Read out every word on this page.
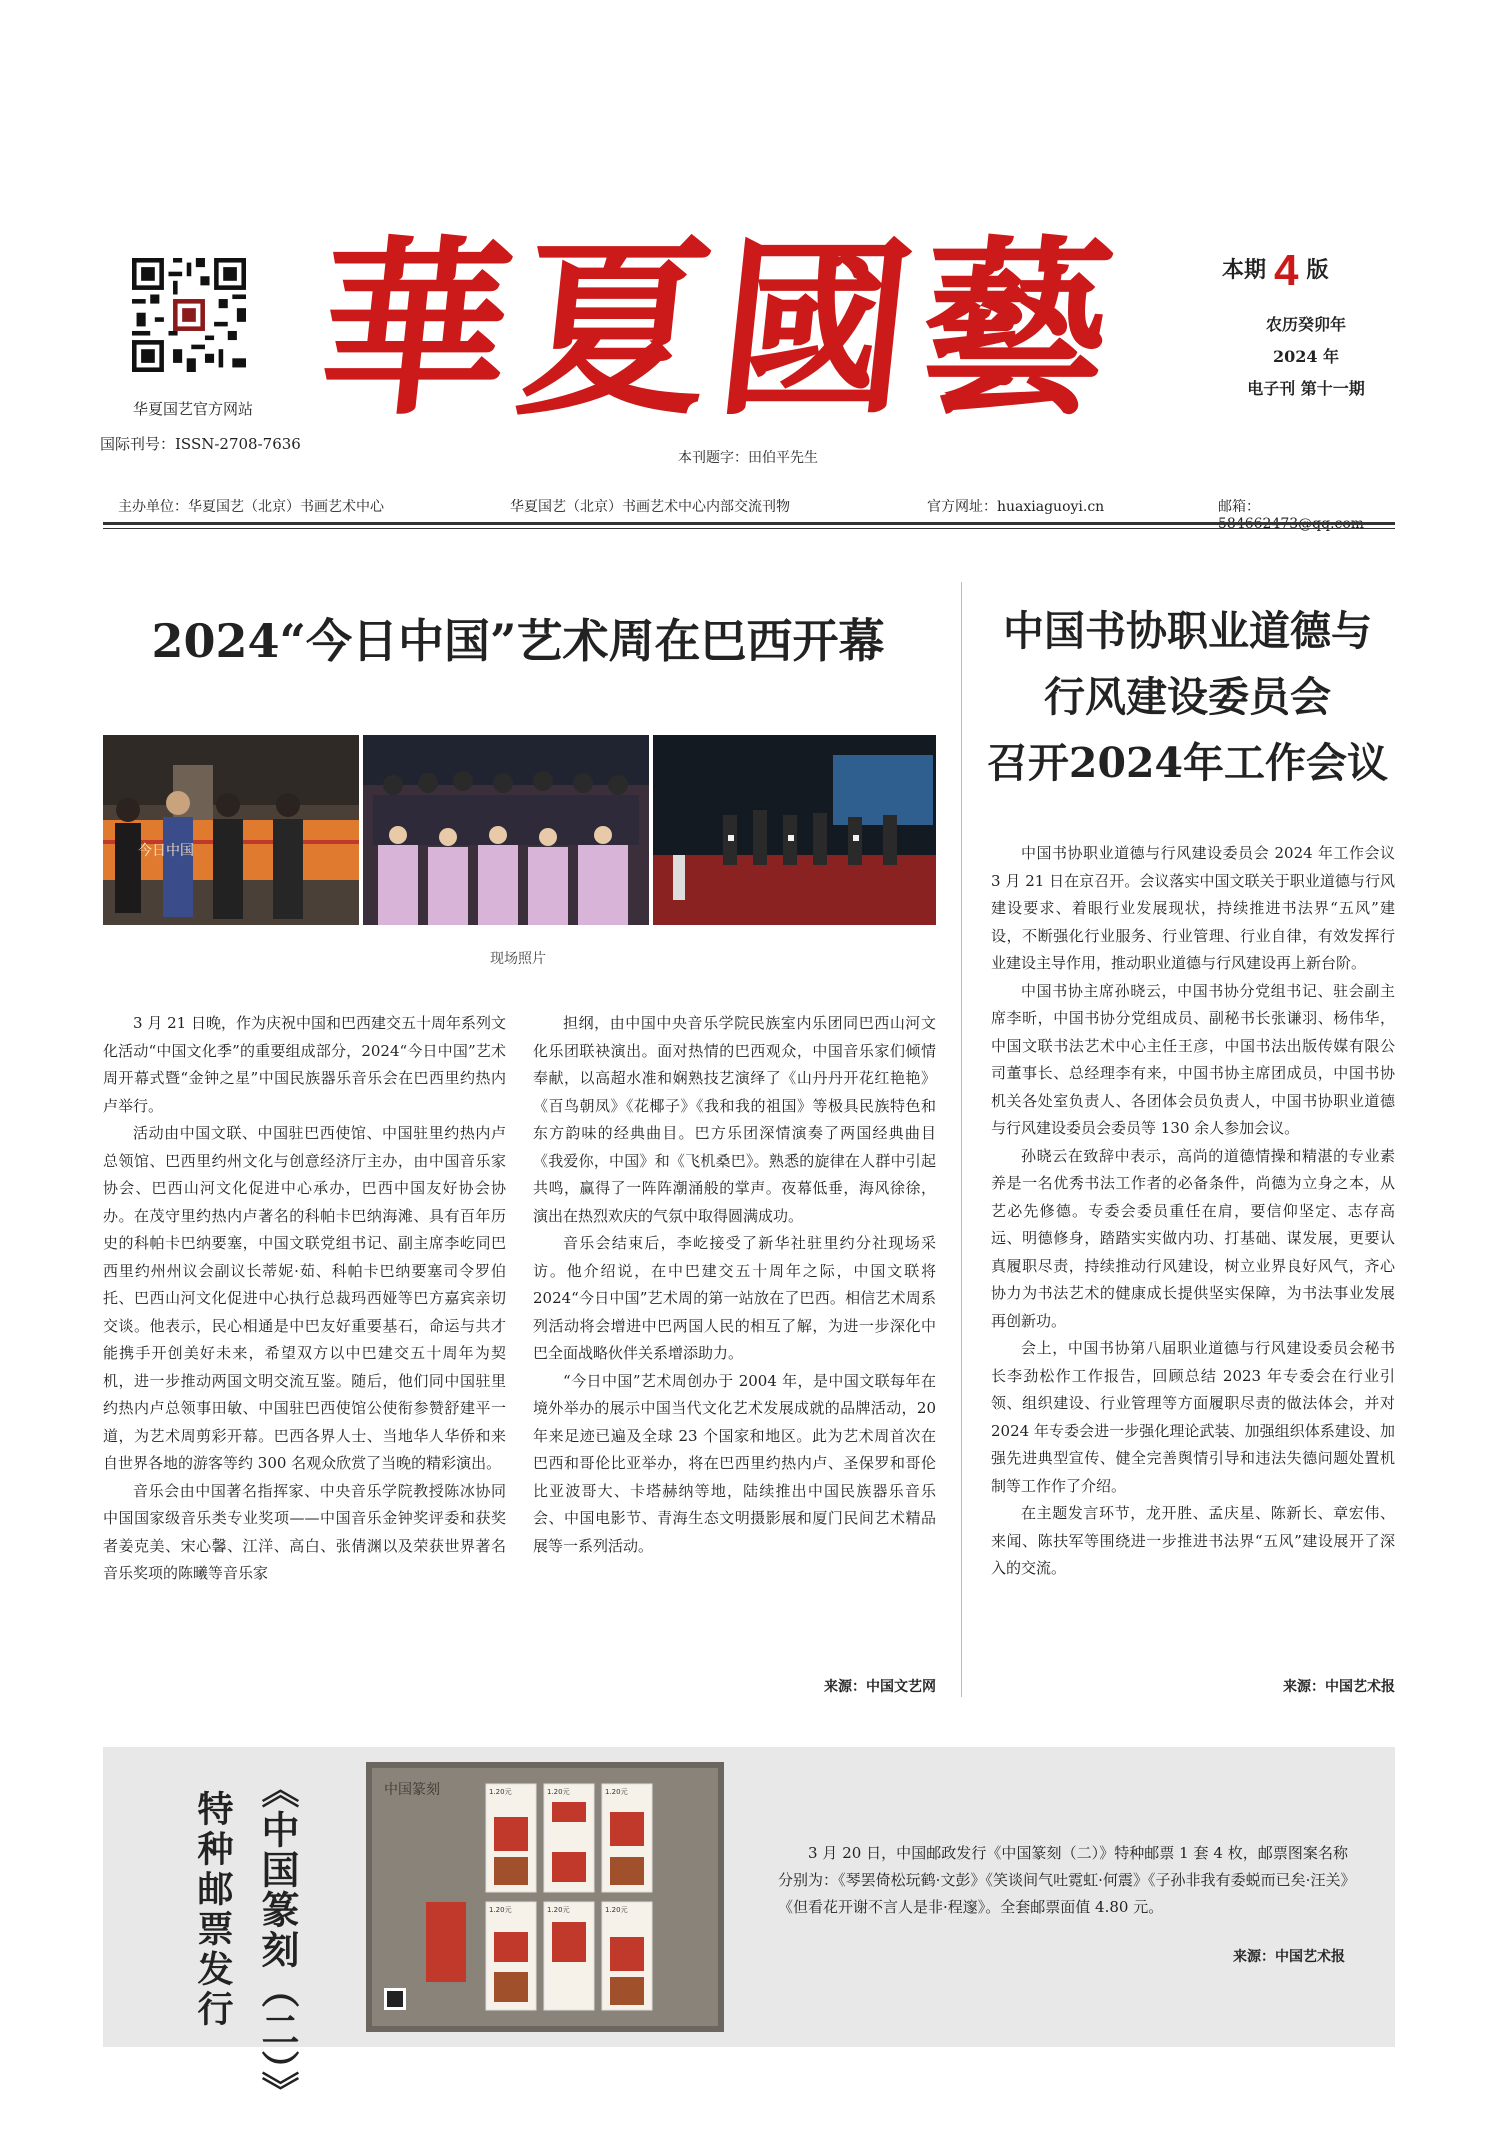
华夏国艺官方网站
国际刊号：ISSN-2708-7636
華夏國藝
本刊题字：田伯平先生
本期 4 版
农历癸卯年
2024 年
电子刊 第十一期
主办单位：华夏国艺（北京）书画艺术中心	华夏国艺（北京）书画艺术中心内部交流刊物	官方网址：huaxiaguoyi.cn	邮箱：
2024“今日中国”艺术周在巴西开幕
今日中国
现场照片

3 月 21 日晚，作为庆祝中国和巴西建交五十周年系列文化活动“中国文化季”的重要组成部分，2024“今日中国”艺术周开幕式暨“金钟之星”中国民族器乐音乐会在巴西里约热内卢举行。

活动由中国文联、中国驻巴西使馆、中国驻里约热内卢总领馆、巴西里约州文化与创意经济厅主办，由中国音乐家协会、巴西山河文化促进中心承办，巴西中国友好协会协办。在茂守里约热内卢著名的科帕卡巴纳海滩、具有百年历史的科帕卡巴纳要塞，中国文联党组书记、副主席李屹同巴西里约州州议会副议长蒂妮·茹、科帕卡巴纳要塞司令罗伯托、巴西山河文化促进中心执行总裁玛西娅等巴方嘉宾亲切交谈。他表示，民心相通是中巴友好重要基石，命运与共才能携手开创美好未来，希望双方以中巴建交五十周年为契机，进一步推动两国文明交流互鉴。随后，他们同中国驻里约热内卢总领事田敏、中国驻巴西使馆公使衔参赞舒建平一道，为艺术周剪彩开幕。巴西各界人士、当地华人华侨和来自世界各地的游客等约 300 名观众欣赏了当晚的精彩演出。

音乐会由中国著名指挥家、中央音乐学院教授陈冰协同中国国家级音乐类专业奖项——中国音乐金钟奖评委和获奖者姜克美、宋心馨、江洋、高白、张倩渊以及荣获世界著名音乐奖项的陈曦等音乐家

担纲，由中国中央音乐学院民族室内乐团同巴西山河文化乐团联袂演出。面对热情的巴西观众，中国音乐家们倾情奉献，以高超水准和娴熟技艺演绎了《山丹丹开花红艳艳》《百鸟朝凤》《花椰子》《我和我的祖国》等极具民族特色和东方韵味的经典曲目。巴方乐团深情演奏了两国经典曲目《我爱你，中国》和《飞机桑巴》。熟悉的旋律在人群中引起共鸣，赢得了一阵阵潮涌般的掌声。夜幕低垂，海风徐徐，演出在热烈欢庆的气氛中取得圆满成功。

音乐会结束后，李屹接受了新华社驻里约分社现场采访。他介绍说，在中巴建交五十周年之际，中国文联将 2024“今日中国”艺术周的第一站放在了巴西。相信艺术周系列活动将会增进中巴两国人民的相互了解，为进一步深化中巴全面战略伙伴关系增添助力。

“今日中国”艺术周创办于 2004 年，是中国文联每年在境外举办的展示中国当代文化艺术发展成就的品牌活动，20 年来足迹已遍及全球 23 个国家和地区。此为艺术周首次在巴西和哥伦比亚举办，将在巴西里约热内卢、圣保罗和哥伦比亚波哥大、卡塔赫纳等地，陆续推出中国民族器乐音乐会、中国电影节、青海生态文明摄影展和厦门民间艺术精品展等一系列活动。

来源：中国文艺网
中国书协职业道德与
行风建设委员会
召开2024年工作会议

中国书协职业道德与行风建设委员会 2024 年工作会议 3 月 21 日在京召开。会议落实中国文联关于职业道德与行风建设要求、着眼行业发展现状，持续推进书法界“五风”建设，不断强化行业服务、行业管理、行业自律，有效发挥行业建设主导作用，推动职业道德与行风建设再上新台阶。

中国书协主席孙晓云，中国书协分党组书记、驻会副主席李昕，中国书协分党组成员、副秘书长张谦羽、杨伟华，中国文联书法艺术中心主任王彦，中国书法出版传媒有限公司董事长、总经理李有来，中国书协主席团成员，中国书协机关各处室负责人、各团体会员负责人，中国书协职业道德与行风建设委员会委员等 130 余人参加会议。

孙晓云在致辞中表示，高尚的道德情操和精湛的专业素养是一名优秀书法工作者的必备条件，尚德为立身之本，从艺必先修德。专委会委员重任在肩，要信仰坚定、志存高远、明德修身，踏踏实实做内功、打基础、谋发展，更要认真履职尽责，持续推动行风建设，树立业界良好风气，齐心协力为书法艺术的健康成长提供坚实保障，为书法事业发展再创新功。

会上，中国书协第八届职业道德与行风建设委员会秘书长李劲松作工作报告，回顾总结 2023 年专委会在行业引领、组织建设、行业管理等方面履职尽责的做法体会，并对 2024 年专委会进一步强化理论武装、加强组织体系建设、加强先进典型宣传、健全完善舆情引导和违法失德问题处置机制等工作作了介绍。

在主题发言环节，龙开胜、孟庆星、陈新长、章宏伟、来闻、陈扶军等围绕进一步推进书法界“五风”建设展开了深入的交流。

来源：中国艺术报
特种邮票发行 《中国篆刻（二）》	中国篆刻	1.20元	1.20元	1.20元
1.20元	1.20元	1.20元

3 月 20 日，中国邮政发行《中国篆刻（二）》特种邮票 1 套 4 枚，邮票图案名称分别为：《琴罢倚松玩鹤·文彭》《笑谈间气吐霓虹·何震》《子孙非我有委蜕而已矣·汪关》《但看花开谢不言人是非·程邃》。全套邮票面值 4.80 元。

来源：中国艺术报
